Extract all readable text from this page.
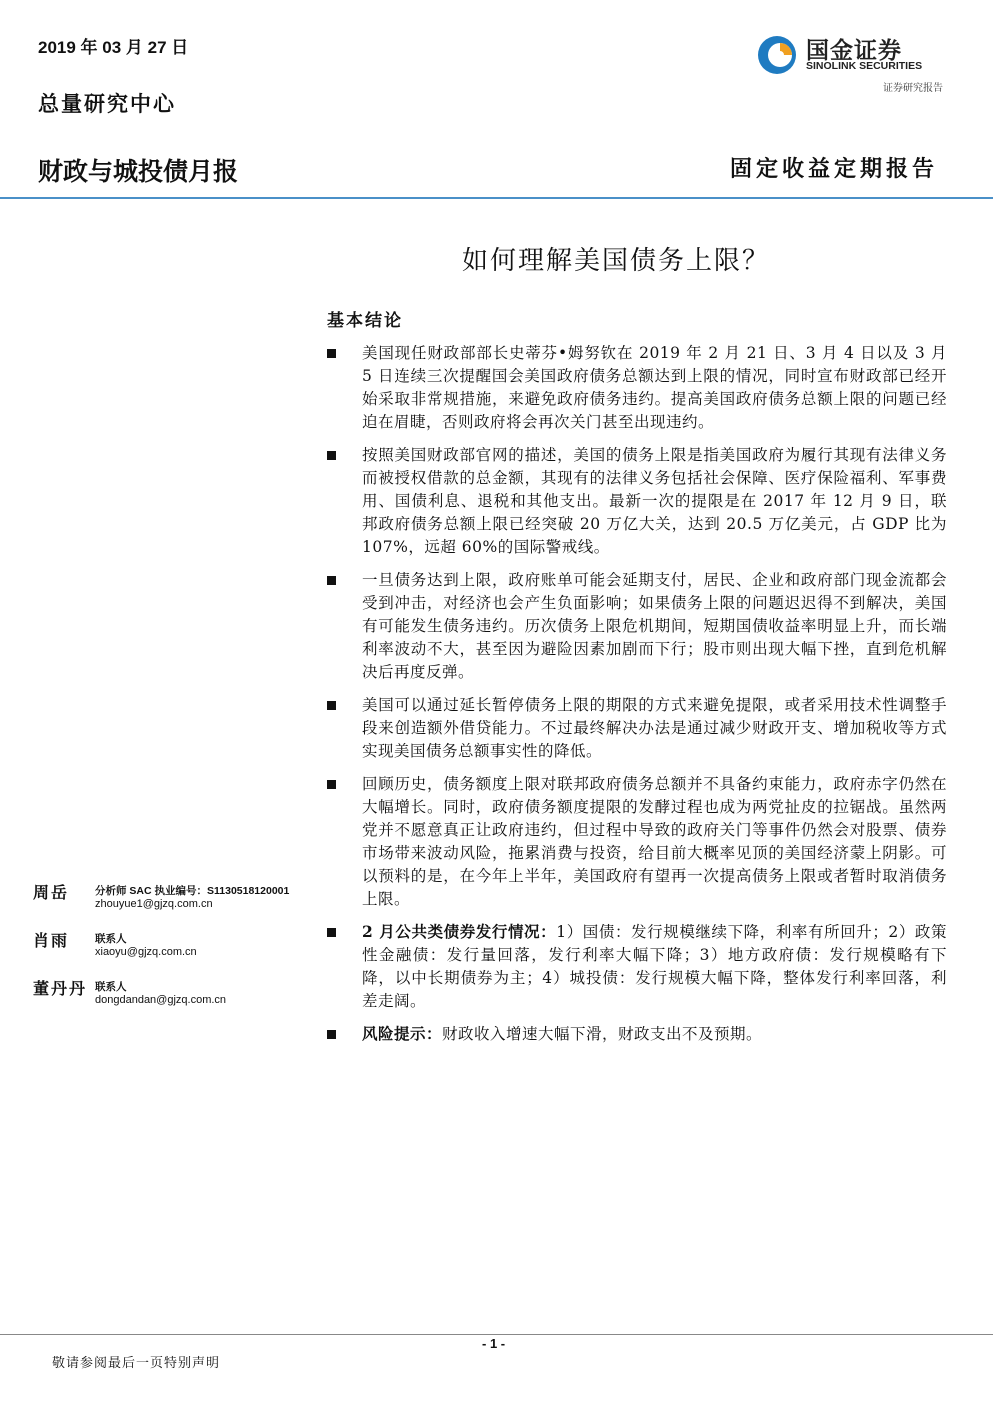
2019 年 03 月 27 日
总量研究中心
财政与城投债月报	固定收益定期报告
国金证券
SINOLINK SECURITIES
证券研究报告
如何理解美国债务上限？
基本结论
美国现任财政部部长史蒂芬•姆努钦在 2019 年 2 月 21 日、3 月 4 日以及 3 月 5 日连续三次提醒国会美国政府债务总额达到上限的情况，同时宣布财政部已经开始采取非常规措施，来避免政府债务违约。提高美国政府债务总额上限的问题已经迫在眉睫，否则政府将会再次关门甚至出现违约。
按照美国财政部官网的描述，美国的债务上限是指美国政府为履行其现有法律义务而被授权借款的总金额，其现有的法律义务包括社会保障、医疗保险福利、军事费用、国债利息、退税和其他支出。最新一次的提限是在 2017 年 12 月 9 日，联邦政府债务总额上限已经突破 20 万亿大关，达到 20.5 万亿美元，占 GDP 比为 107%，远超 60%的国际警戒线。
一旦债务达到上限，政府账单可能会延期支付，居民、企业和政府部门现金流都会受到冲击，对经济也会产生负面影响；如果债务上限的问题迟迟得不到解决，美国有可能发生债务违约。历次债务上限危机期间，短期国债收益率明显上升，而长端利率波动不大，甚至因为避险因素加剧而下行；股市则出现大幅下挫，直到危机解决后再度反弹。
美国可以通过延长暂停债务上限的期限的方式来避免提限，或者采用技术性调整手段来创造额外借贷能力。不过最终解决办法是通过减少财政开支、增加税收等方式实现美国债务总额事实性的降低。
回顾历史，债务额度上限对联邦政府债务总额并不具备约束能力，政府赤字仍然在大幅增长。同时，政府债务额度提限的发酵过程也成为两党扯皮的拉锯战。虽然两党并不愿意真正让政府违约，但过程中导致的政府关门等事件仍然会对股票、债券市场带来波动风险，拖累消费与投资，给目前大概率见顶的美国经济蒙上阴影。可以预料的是，在今年上半年，美国政府有望再一次提高债务上限或者暂时取消债务上限。
2 月公共类债券发行情况：1）国债：发行规模继续下降，利率有所回升；2）政策性金融债：发行量回落，发行利率大幅下降；3）地方政府债：发行规模略有下降，以中长期债券为主；4）城投债：发行规模大幅下降，整体发行利率回落，利差走阔。
风险提示：财政收入增速大幅下滑，财政支出不及预期。
周岳 分析师 SAC 执业编号：S1130518120001
zhouyue1@gjzq.com.cn
肖雨 联系人
xiaoyu@gjzq.com.cn
董丹丹 联系人
dongdandan@gjzq.com.cn
- 1 -
敬请参阅最后一页特别声明
